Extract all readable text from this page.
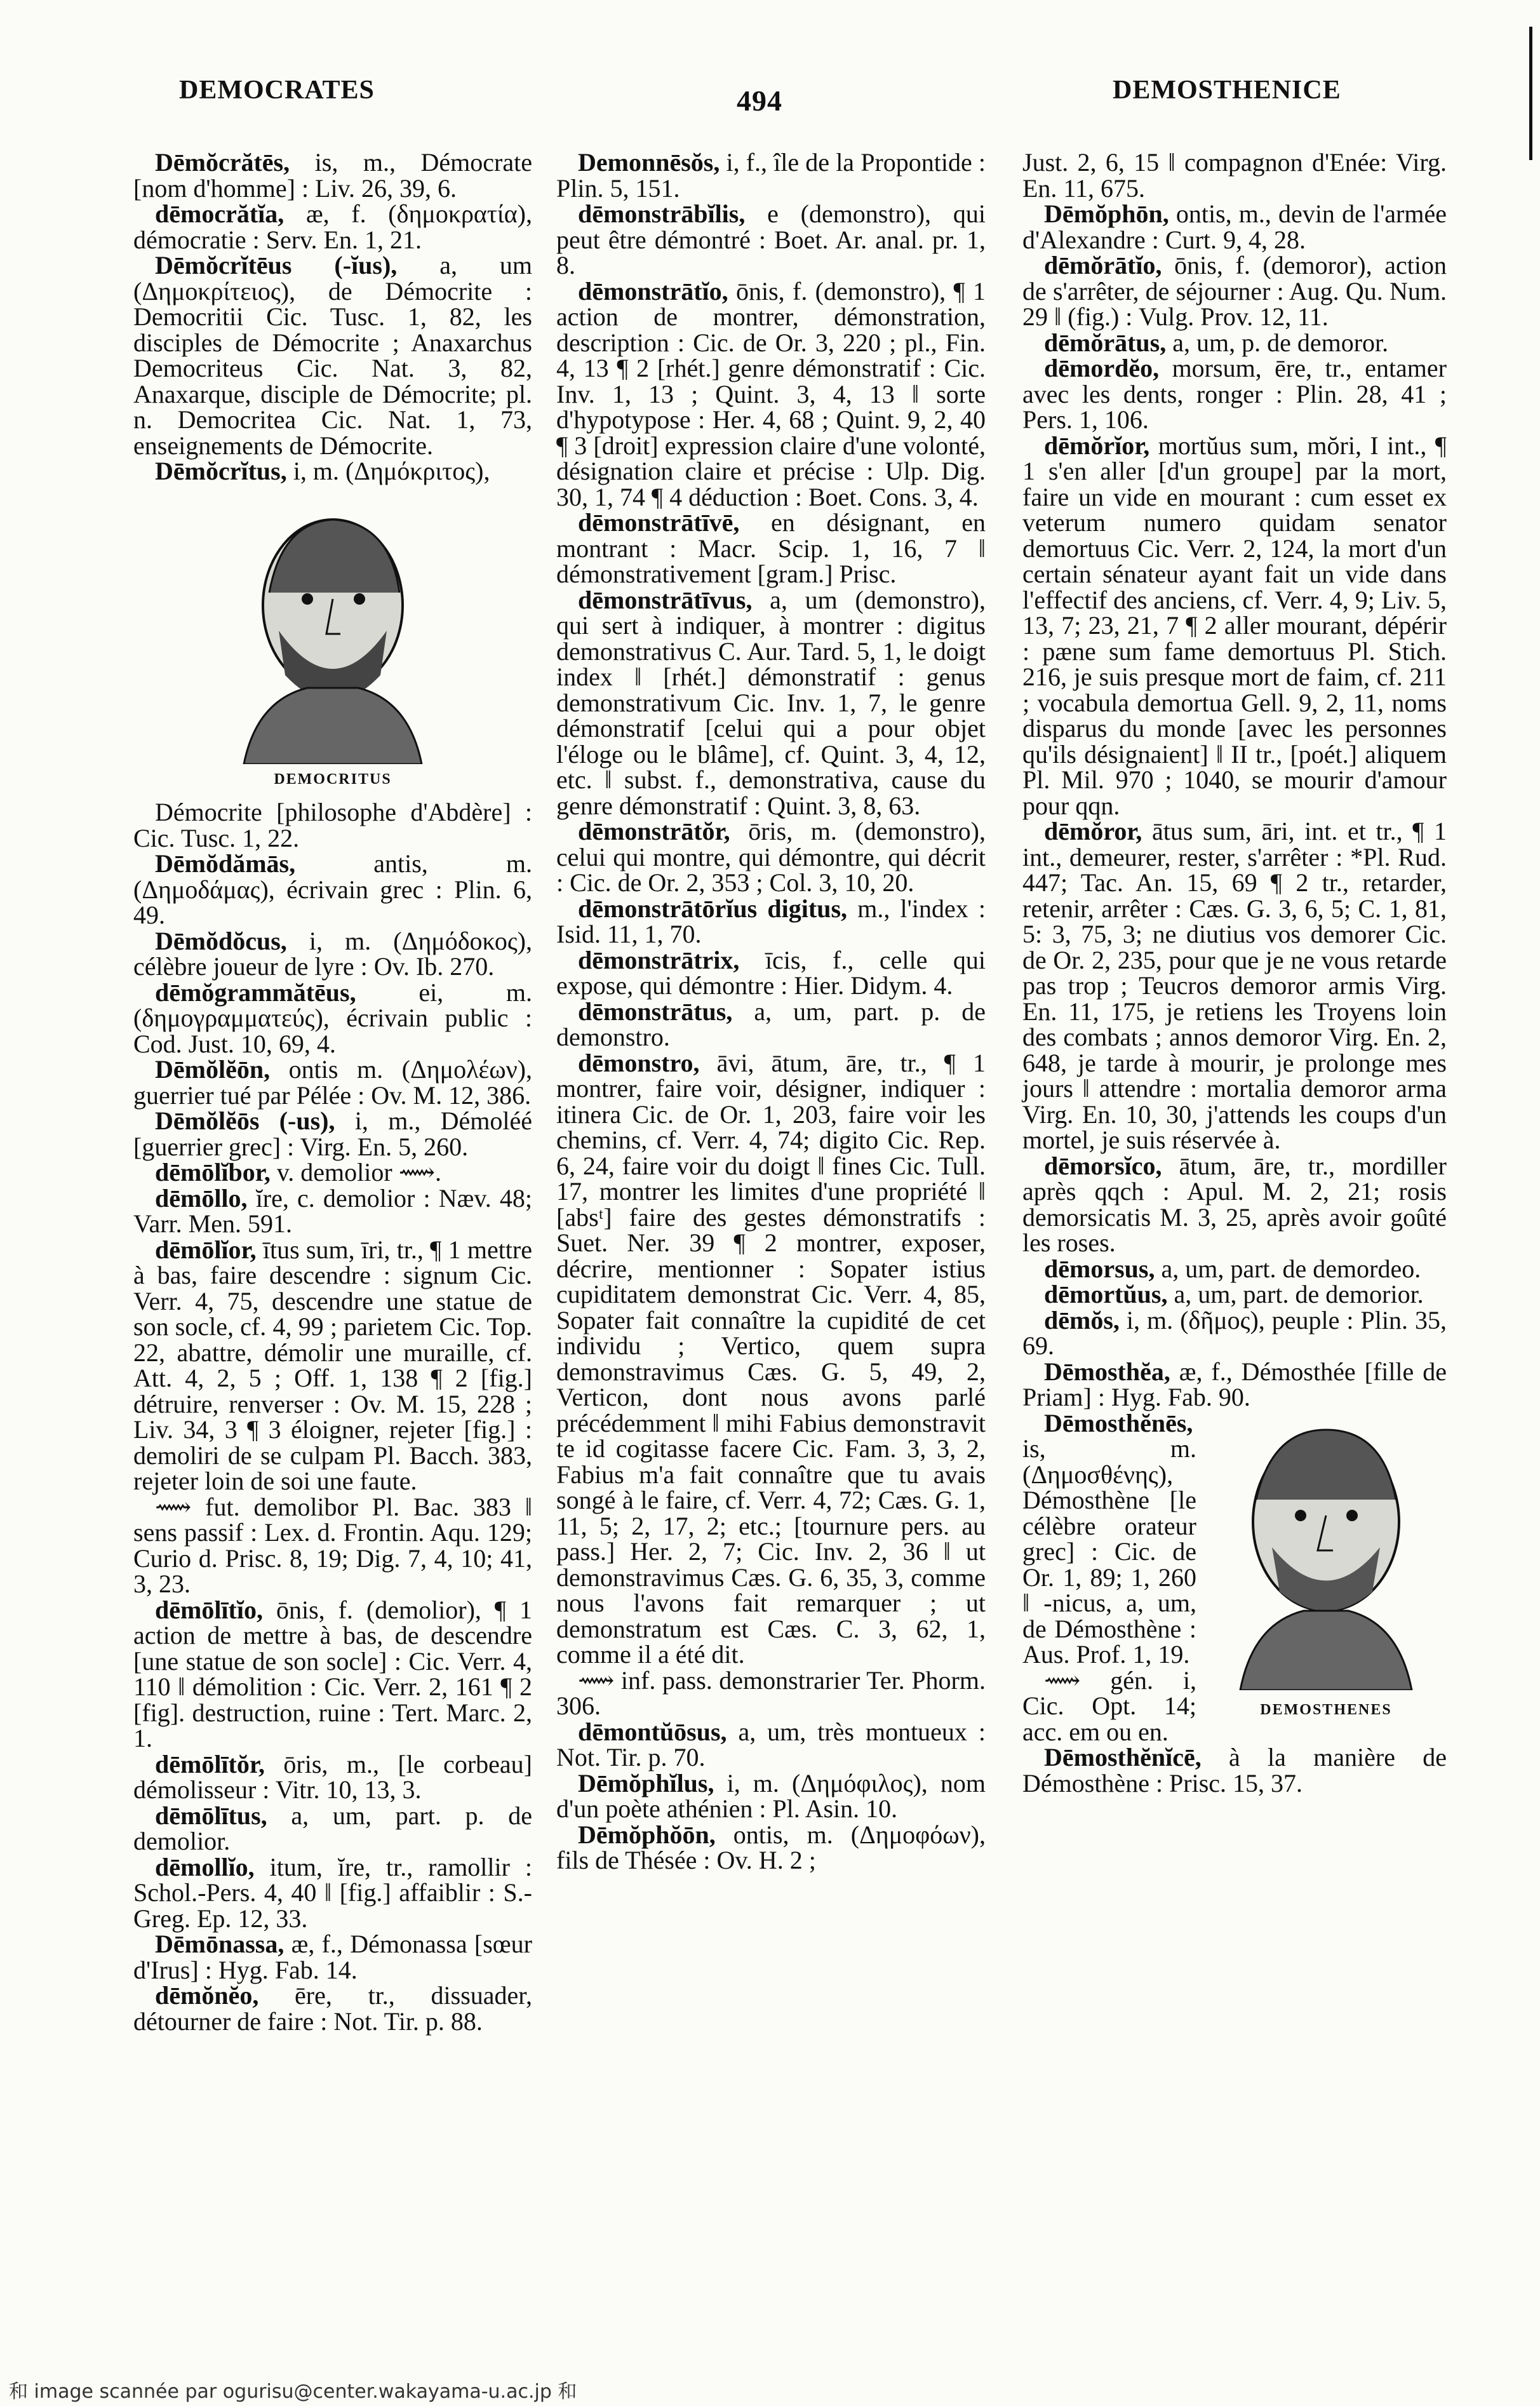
DEMOCRATES	494	DEMOSTHENICE

Dēmŏcrătēs, is, m., Démocrate [nom d'homme] : Liv. 26, 39, 6.

dēmocrătĭa, æ, f. (δημοκρατία), démocratie : Serv. En. 1, 21.

Dēmŏcrĭtēus (-ĭus), a, um (Δημοκρίτειος), de Démocrite : Democritii Cic. Tusc. 1, 82, les disciples de Démocrite ; Anaxarchus Democriteus Cic. Nat. 3, 82, Anaxarque, disciple de Démocrite; pl. n. Democritea Cic. Nat. 1, 73, enseignements de Démocrite.

Dēmŏcrĭtus, i, m. (Δημόκριτος),

DEMOCRITUS

Démocrite [philosophe d'Abdère] : Cic. Tusc. 1, 22.

Dēmŏdămās, antis, m. (Δημοδάμας), écrivain grec : Plin. 6, 49.

Dēmŏdŏcus, i, m. (Δημόδοκος), célèbre joueur de lyre : Ov. Ib. 270.

dēmŏgrammătēus, ei, m. (δημογραμματεύς), écrivain public : Cod. Just. 10, 69, 4.

Dēmŏlĕōn, ontis m. (Δημολέων), guerrier tué par Pélée : Ov. M. 12, 386.

Dēmŏlĕōs (-us), i, m., Démoléé [guerrier grec] : Virg. En. 5, 260.

dēmōlĭbor, v. demolior ⟿.

dēmōllo, ĭre, c. demolior : Næv. 48; Varr. Men. 591.

dēmōlĭor, ītus sum, īri, tr., ¶ 1 mettre à bas, faire descendre : signum Cic. Verr. 4, 75, descendre une statue de son socle, cf. 4, 99 ; parietem Cic. Top. 22, abattre, démolir une muraille, cf. Att. 4, 2, 5 ; Off. 1, 138 ¶ 2 [fig.] détruire, renverser : Ov. M. 15, 228 ; Liv. 34, 3 ¶ 3 éloigner, rejeter [fig.] : demoliri de se culpam Pl. Bacch. 383, rejeter loin de soi une faute.

⟿ fut. demolibor Pl. Bac. 383 ‖ sens passif : Lex. d. Frontin. Aqu. 129; Curio d. Prisc. 8, 19; Dig. 7, 4, 10; 41, 3, 23.

dēmōlītĭo, ōnis, f. (demolior), ¶ 1 action de mettre à bas, de descendre [une statue de son socle] : Cic. Verr. 4, 110 ‖ démolition : Cic. Verr. 2, 161 ¶ 2 [fig]. destruction, ruine : Tert. Marc. 2, 1.

dēmōlītŏr, ōris, m., [le corbeau] démolisseur : Vitr. 10, 13, 3.

dēmōlītus, a, um, part. p. de demolior.

dēmollĭo, itum, ĭre, tr., ramollir : Schol.-Pers. 4, 40 ‖ [fig.] affaiblir : S.-Greg. Ep. 12, 33.

Dēmōnassa, æ, f., Démonassa [sœur d'Irus] : Hyg. Fab. 14.

dēmŏnĕo, ēre, tr., dissuader, détourner de faire : Not. Tir. p. 88.

Demonnēsŏs, i, f., île de la Propontide : Plin. 5, 151.

dēmonstrābĭlis, e (demonstro), qui peut être démontré : Boet. Ar. anal. pr. 1, 8.

dēmonstrātĭo, ōnis, f. (demonstro), ¶ 1 action de montrer, démonstration, description : Cic. de Or. 3, 220 ; pl., Fin. 4, 13 ¶ 2 [rhét.] genre démonstratif : Cic. Inv. 1, 13 ; Quint. 3, 4, 13 ‖ sorte d'hypotypose : Her. 4, 68 ; Quint. 9, 2, 40 ¶ 3 [droit] expression claire d'une volonté, désignation claire et précise : Ulp. Dig. 30, 1, 74 ¶ 4 déduction : Boet. Cons. 3, 4.

dēmonstrātīvē, en désignant, en montrant : Macr. Scip. 1, 16, 7 ‖ démonstrativement [gram.] Prisc.

dēmonstrātīvus, a, um (demonstro), qui sert à indiquer, à montrer : digitus demonstrativus C. Aur. Tard. 5, 1, le doigt index ‖ [rhét.] démonstratif : genus demonstrativum Cic. Inv. 1, 7, le genre démonstratif [celui qui a pour objet l'éloge ou le blâme], cf. Quint. 3, 4, 12, etc. ‖ subst. f., demonstrativa, cause du genre démonstratif : Quint. 3, 8, 63.

dēmonstrātŏr, ōris, m. (demonstro), celui qui montre, qui démontre, qui décrit : Cic. de Or. 2, 353 ; Col. 3, 10, 20.

dēmonstrātōrĭus digitus, m., l'index : Isid. 11, 1, 70.

dēmonstrātrix, īcis, f., celle qui expose, qui démontre : Hier. Didym. 4.

dēmonstrātus, a, um, part. p. de demonstro.

dēmonstro, āvi, ātum, āre, tr., ¶ 1 montrer, faire voir, désigner, indiquer : itinera Cic. de Or. 1, 203, faire voir les chemins, cf. Verr. 4, 74; digito Cic. Rep. 6, 24, faire voir du doigt ‖ fines Cic. Tull. 17, montrer les limites d'une propriété ‖ [absᵗ] faire des gestes démonstratifs : Suet. Ner. 39 ¶ 2 montrer, exposer, décrire, mentionner : Sopater istius cupiditatem demonstrat Cic. Verr. 4, 85, Sopater fait connaître la cupidité de cet individu ; Vertico, quem supra demonstravimus Cæs. G. 5, 49, 2, Verticon, dont nous avons parlé précédemment ‖ mihi Fabius demonstravit te id cogitasse facere Cic. Fam. 3, 3, 2, Fabius m'a fait connaître que tu avais songé à le faire, cf. Verr. 4, 72; Cæs. G. 1, 11, 5; 2, 17, 2; etc.; [tournure pers. au pass.] Her. 2, 7; Cic. Inv. 2, 36 ‖ ut demonstravimus Cæs. G. 6, 35, 3, comme nous l'avons fait remarquer ; ut demonstratum est Cæs. C. 3, 62, 1, comme il a été dit.

⟿ inf. pass. demonstrarier Ter. Phorm. 306.

dēmontŭōsus, a, um, très montueux : Not. Tir. p. 70.

Dēmŏphĭlus, i, m. (Δημόφιλος), nom d'un poète athénien : Pl. Asin. 10.

Dēmŏphŏōn, ontis, m. (Δημοφόων), fils de Thésée : Ov. H. 2 ;

Just. 2, 6, 15 ‖ compagnon d'Enée: Virg. En. 11, 675.

Dēmŏphōn, ontis, m., devin de l'armée d'Alexandre : Curt. 9, 4, 28.

dēmŏrātĭo, ōnis, f. (demoror), action de s'arrêter, de séjourner : Aug. Qu. Num. 29 ‖ (fig.) : Vulg. Prov. 12, 11.

dēmŏrātus, a, um, p. de demoror.

dēmordĕo, morsum, ēre, tr., entamer avec les dents, ronger : Plin. 28, 41 ; Pers. 1, 106.

dēmŏrĭor, mortŭus sum, mŏri, I int., ¶ 1 s'en aller [d'un groupe] par la mort, faire un vide en mourant : cum esset ex veterum numero quidam senator demortuus Cic. Verr. 2, 124, la mort d'un certain sénateur ayant fait un vide dans l'effectif des anciens, cf. Verr. 4, 9; Liv. 5, 13, 7; 23, 21, 7 ¶ 2 aller mourant, dépérir : pæne sum fame demortuus Pl. Stich. 216, je suis presque mort de faim, cf. 211 ; vocabula demortua Gell. 9, 2, 11, noms disparus du monde [avec les personnes qu'ils désignaient] ‖ II tr., [poét.] aliquem Pl. Mil. 970 ; 1040, se mourir d'amour pour qqn.

dēmŏror, ātus sum, āri, int. et tr., ¶ 1 int., demeurer, rester, s'arrêter : *Pl. Rud. 447; Tac. An. 15, 69 ¶ 2 tr., retarder, retenir, arrêter : Cæs. G. 3, 6, 5; C. 1, 81, 5: 3, 75, 3; ne diutius vos demorer Cic. de Or. 2, 235, pour que je ne vous retarde pas trop ; Teucros demoror armis Virg. En. 11, 175, je retiens les Troyens loin des combats ; annos demoror Virg. En. 2, 648, je tarde à mourir, je prolonge mes jours ‖ attendre : mortalia demoror arma Virg. En. 10, 30, j'attends les coups d'un mortel, je suis réservée à.

dēmorsĭco, ātum, āre, tr., mordiller après qqch : Apul. M. 2, 21; rosis demorsicatis M. 3, 25, après avoir goûté les roses.

dēmorsus, a, um, part. de demordeo.

dēmortŭus, a, um, part. de demorior.

dēmŏs, i, m. (δῆμος), peuple : Plin. 35, 69.

Dēmosthĕa, æ, f., Démosthée [fille de Priam] : Hyg. Fab. 90.

DEMOSTHENES

Dēmosthĕnēs, is, m. (Δημοσθένης), Démosthène [le célèbre orateur grec] : Cic. de Or. 1, 89; 1, 260 ‖ -nicus, a, um, de Démosthène : Aus. Prof. 1, 19.

⟿ gén. i, Cic. Opt. 14; acc. em ou en.

Dēmosthĕnĭcē, à la manière de Démosthène : Prisc. 15, 37.

和 image scannée par ogurisu@center.wakayama-u.ac.jp 和
